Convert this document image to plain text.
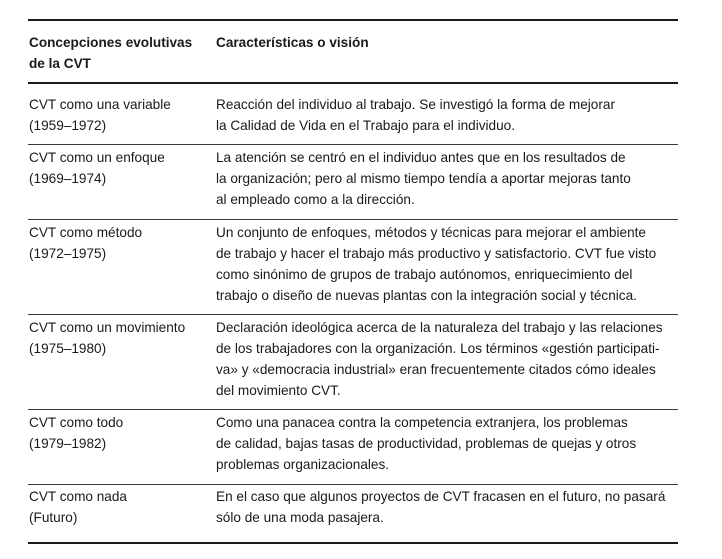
Concepciones evolutivas
de la CVT
Características o visión
CVT como una variable
(1959–1972)
Reacción del individuo al trabajo. Se investigó la forma de mejorar
la Calidad de Vida en el Trabajo para el individuo.
CVT como un enfoque
(1969–1974)
La atención se centró en el individuo antes que en los resultados de
la organización; pero al mismo tiempo tendía a aportar mejoras tanto
al empleado como a la dirección.
CVT como método
(1972–1975)
Un conjunto de enfoques, métodos y técnicas para mejorar el ambiente
de trabajo y hacer el trabajo más productivo y satisfactorio. CVT fue visto
como sinónimo de grupos de trabajo autónomos, enriquecimiento del
trabajo o diseño de nuevas plantas con la integración social y técnica.
CVT como un movimiento
(1975–1980)
Declaración ideológica acerca de la naturaleza del trabajo y las relaciones
de los trabajadores con la organización. Los términos «gestión participati-
va» y «democracia industrial» eran frecuentemente citados cómo ideales
del movimiento CVT.
CVT como todo
(1979–1982)
Como una panacea contra la competencia extranjera, los problemas
de calidad, bajas tasas de productividad, problemas de quejas y otros
problemas organizacionales.
CVT como nada
(Futuro)
En el caso que algunos proyectos de CVT fracasen en el futuro, no pasará
sólo de una moda pasajera.
